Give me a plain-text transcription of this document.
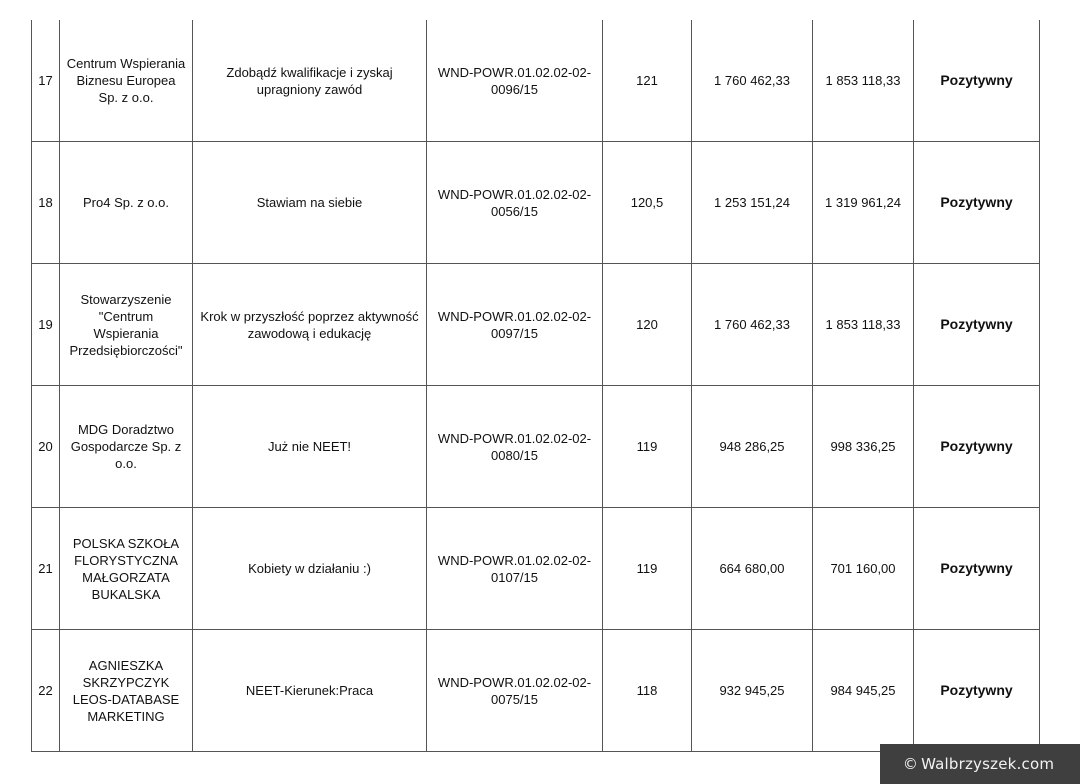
17	Centrum Wspierania Biznesu Europea Sp. z o.o.	Zdobądź kwalifikacje i zyskaj upragniony zawód	WND-POWR.01.02.02-02-0096/15	121	1 760 462,33	1 853 118,33	Pozytywny
18	Pro4 Sp. z o.o.	Stawiam na siebie	WND-POWR.01.02.02-02-0056/15	120,5	1 253 151,24	1 319 961,24	Pozytywny
19	Stowarzyszenie "Centrum Wspierania Przedsiębiorczości"	Krok w przyszłość poprzez aktywność zawodową i edukację	WND-POWR.01.02.02-02-0097/15	120	1 760 462,33	1 853 118,33	Pozytywny
20	MDG Doradztwo Gospodarcze Sp. z o.o.	Już nie NEET!	WND-POWR.01.02.02-02-0080/15	119	948 286,25	998 336,25	Pozytywny
21	POLSKA SZKOŁA FLORYSTYCZNA MAŁGORZATA BUKALSKA	Kobiety w działaniu :)	WND-POWR.01.02.02-02-0107/15	119	664 680,00	701 160,00	Pozytywny
22	AGNIESZKA SKRZYPCZYK LEOS-DATABASE MARKETING	NEET-Kierunek:Praca	WND-POWR.01.02.02-02-0075/15	118	932 945,25	984 945,25	Pozytywny
© Walbrzyszek.com
